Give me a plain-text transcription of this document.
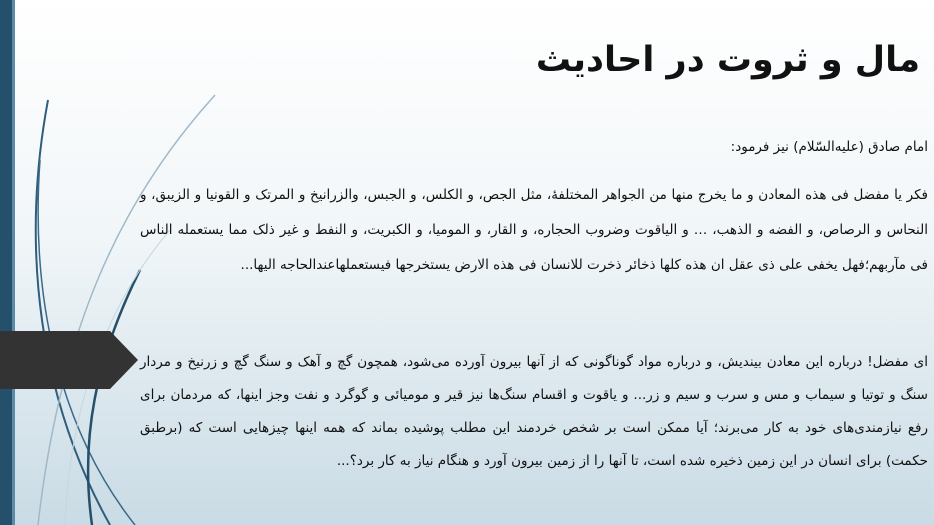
مال و ثروت در احادیث
امام صادق (علیه‌السّلام) نیز فرمود:
فکر یا مفضل فی هذه المعادن و ما یخرج منها من الجواهر المختلفهٔ، مثل الجص، و الکلس، و الجبس، والزرانیخ و المرتک و القونیا و الزیبق، و النحاس و الرصاص، و الفضه و الذهب، … و الیاقوت وضروب الحجاره، و القار، و المومیا، و الکبریت، و النفط و غیر ذلک مما یستعمله الناس فی مآربهم؛فهل یخفی علی ذی عقل ان هذه کلها ذخائر ذخرت للانسان فی هذه الارض یستخرجها فیستعملهاعندالحاجه الیها...
ای مفضل! درباره این معادن بیندیش، و درباره مواد گوناگونی که از آنها بیرون آورده می‌شود، همچون گچ و آهک و سنگ گچ و زرنیخ و مردار سنگ و توتیا و سیماب و مس و سرب و سیم و زر... و یاقوت و اقسام سنگ‌ها نیز قیر و مومیائی و گوگرد و نفت وجز اینها، که مردمان برای رفع نیازمندی‌های خود به کار می‌برند؛ آیا ممکن است بر شخص خردمند این مطلب پوشیده بماند که همه اینها چیزهایی است که (برطبق حکمت) برای انسان در این زمین ذخیره شده است، تا آنها را از زمین بیرون آورد و هنگام نیاز به کار برد؟...
